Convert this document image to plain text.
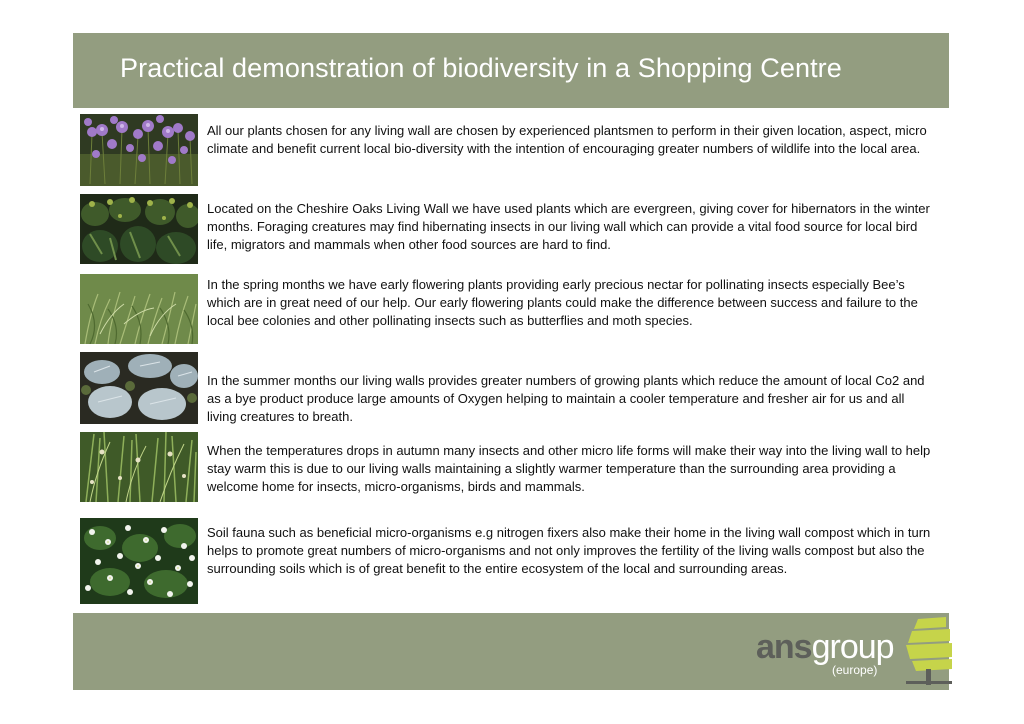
Practical demonstration of biodiversity in a Shopping Centre

All our plants chosen for any living wall are chosen by experienced plantsmen to perform in their given location, aspect, micro climate and benefit current local bio-diversity with the intention of encouraging greater numbers of wildlife into the local area.

Located on the Cheshire Oaks Living Wall we have used plants which are evergreen, giving cover for hibernators in the winter months. Foraging creatures may find hibernating insects in our living wall which can provide a vital food source for local bird life, migrators and mammals when other food sources are hard to find.

In the spring months we have early flowering plants providing early precious nectar for pollinating insects especially Bee’s which are in great need of our help. Our early flowering plants could make the difference between success and failure to the local bee colonies and other pollinating insects such as butterflies and moth species.

In the summer months our living walls provides greater numbers of growing plants which reduce the amount of local Co2 and as a bye product produce large amounts of Oxygen helping to maintain a cooler temperature and fresher air for us and all living creatures to breath.

When the temperatures drops in autumn many insects and other micro life forms will make their way into the living wall to help stay warm this is due to our living walls maintaining a slightly warmer temperature than the surrounding area providing a welcome home for insects, micro-organisms, birds and mammals.

Soil fauna such as beneficial micro-organisms e.g nitrogen fixers also make their home in the living wall compost which in turn helps to promote great numbers of micro-organisms and not only improves the fertility of the living walls compost but also the surrounding soils which is of great benefit to the entire ecosystem of the local and surrounding areas.

ansgroup
(europe)
